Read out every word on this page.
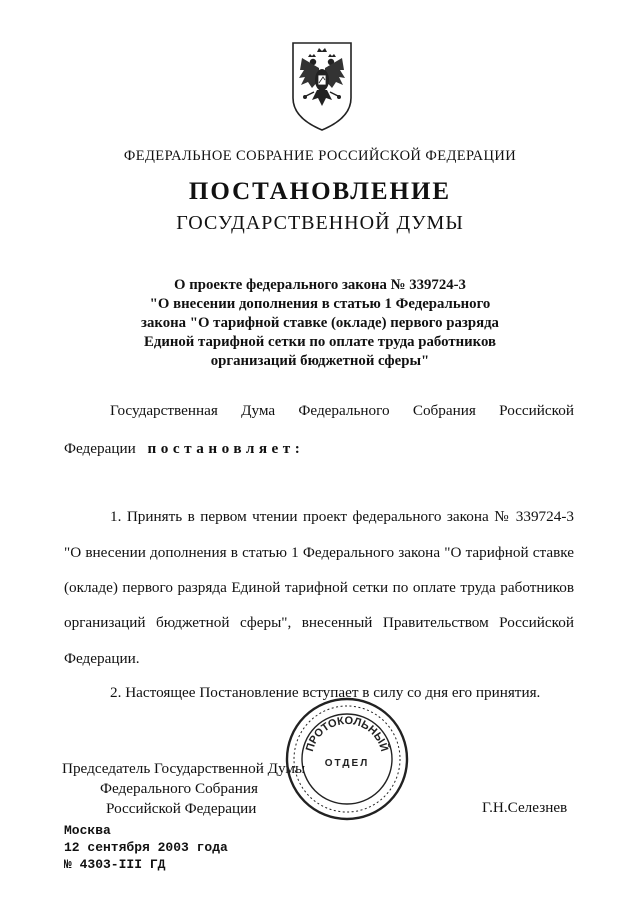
ФЕДЕРАЛЬНОЕ СОБРАНИЕ РОССИЙСКОЙ ФЕДЕРАЦИИ
ПОСТАНОВЛЕНИЕ
ГОСУДАРСТВЕННОЙ ДУМЫ
О проекте федерального закона № 339724-3
"О внесении дополнения в статью 1 Федерального
закона "О тарифной ставке (окладе) первого разряда
Единой тарифной сетки по оплате труда работников
организаций бюджетной сферы"
Государственная Дума Федерального Собрания Российской
Федерации постановляет:
1. Принять в первом чтении проект федерального закона № 339724-3
"О внесении дополнения в статью 1 Федерального закона "О тарифной ставке
(окладе) первого разряда Единой тарифной сетки по оплате труда работников
организаций бюджетной сферы", внесенный Правительством Российской
Федерации.
2. Настоящее Постановление вступает в силу со дня его принятия.
Председатель Государственной Думы
Федерального Собрания
Российской Федерации	Г.Н.Селезнев
ПРОТОКОЛЬНЫЙ
ОТДЕЛ
Москва
12 сентября 2003 года
№ 4303-III ГД
